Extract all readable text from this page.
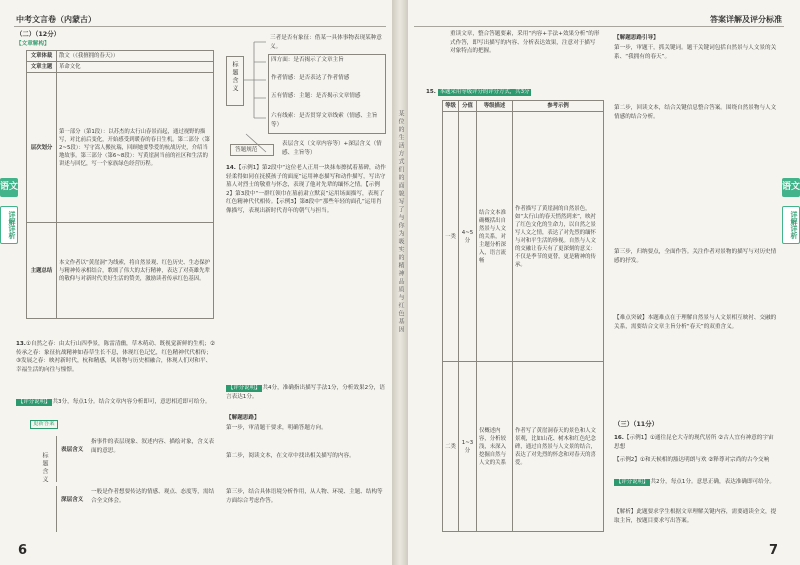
中考文言卷（内蒙古）
（二）（12分）
【文章解构】
文章体裁	散文（《我擅拥的春天》）
文章主题	革命文化
层次划分	第一部分（第1段）：以苏杰的太行山春景而起，通过视野的描写，对比前后变化，开始感受到暖春的春日生机。第二部分（第2~5段）：写守嵩人搬抗瑞，回顾她要挚爱的杭战历史，介绍当地故事。第三部分（第6~8段）：写黄崖洞当前的社区和生活的讲述与回忆，写一个家族绿色经营历程。
主题总结	本文作者以“黄崖洞”为线索，将自然景观、红色历史、生态保护与精神传承相结合，歌颂了伟大的太行精神，表达了对英雄先辈的敬仰与对新时代美好生活的赞美，激励读者传承红色基因。
13.①自然之春：由太行山四季景，陈雷清幽，草木萌动、既视觉新鲜的生机；②传承之春：象征抗战精神如春草生长不息，体现红色记忆，红色精神代代相传；③发展之春：映衬新时代，杭和精感，风景物与历史相融合，体现人们对和平、幸福生活的向往与憧憬。
【评分说明】 共3分，每点1分。结合文章内容分析即可，意思相近即可给分。
更新答案
标题含义
表层含义
指事件的表层现象、叙述内容、描绘对象，含义表面的意思。
深层含义
一般是作者想要传达的情感、观点、态度等，需结合全文体会。
标题含义
三者是否有象征：借某一具体事物表现某种意义。
四方面：是否揭示了文章主旨
作者情感：是否表达了作者情感
五有情感：主题：是否揭示文章情感
六有线索：是否贯穿文章线索（情感、主旨等）
答题规范
表层含义（文章内容等）+深层含义（情感、主旨等）
14.【示例1】第2段中“这位老人正用一块抹布擦拭着墓碑，动作轻柔得如同在抚摸孩子的面庞”运用神态描写和动作描写，写出守墓人对烈士的敬重与怀念，表现了他对先辈的缅怀之情。【示例2】第3段中“一群红领巾在墓前肃立默哀”运用场面描写，表现了红色精神代代相传。【示例3】第8段中“那些年轻的面孔”运用肖像描写，表现出新时代青年的朝气与担当。
【评分说明】 共4分，准确指出描写手法1分，分析效果2分，语言表达1分。
【解题思路】
第一步，审清题干要求，明确答题方向。
第二步，阅读文本，在文章中找出相关描写的内容。
第三步，结合具体语境分析作用，从人物、环境、主题、结构等方面综合考虑作答。
6
答案详解及评分标准
重读文章，整合答题要素，采用“内容+手法+效果分析”的形式作答，即写出描写的内容、分析表达效果，注意对于描写对象特点的把握。
15. 本题采用等级评分的评分方式，共3分
等级	分值	等级描述	参考示例
一类	4~5分	结合文本准确概括出自然景与人文的关系，对主题分析深入，语言流畅	作者描写了黄崖洞的自然景色，如“太行山的春天悄然到来”，映衬了红色文化的生命力，以自然之景写人文之情，表达了对先烈的缅怀与对和平生活的珍视。自然与人文的交融让春天有了更深刻的意义：不仅是季节的更替，更是精神的传承。
二类	1~3分	仅概述内容，分析较浅，未深入挖掘自然与人文的关系	作者写了黄崖洞春天的景色和人文景观，比如山花、树木和红色纪念碑，通过自然景与人文景的结合，表达了对先烈的怀念和对春天的喜爱。
【解题思路引导】
第一步，审题干，抓关键词。题干关键词包括自然景与人文景的关系、“我拥有的春天”。
第二步，回读文本，结合关键信息整合答案。围绕自然景物与人文情感的结合分析。
第三步，归纳要点，全面作答。关注作者对景物的描写与对历史情感的抒发。
【难点突破】本题难点在于理解自然景与人文景相互映衬、交融的关系，需要结合文章主旨分析“春天”的双重含义。
（三）（11分）
16.【示例1】①通往昆仑大寺的现代居所 ②古人宜有神意的宇宙思想
【示例2】①和天候相的豁达明朗与欢 ②释尊对宗尚的古今交响
【评分说明】 共2分，每点1分。意思正确，表达准确即可给分。
【解析】此题要求学生根据文章理解关键内容，需要通读全文，提取主旨，按题目要求写出答案。
7
某位的生活方式们的面貌写了与你为吸实的精神品质与红色基因
语文
详解详析
语文
详解详析
